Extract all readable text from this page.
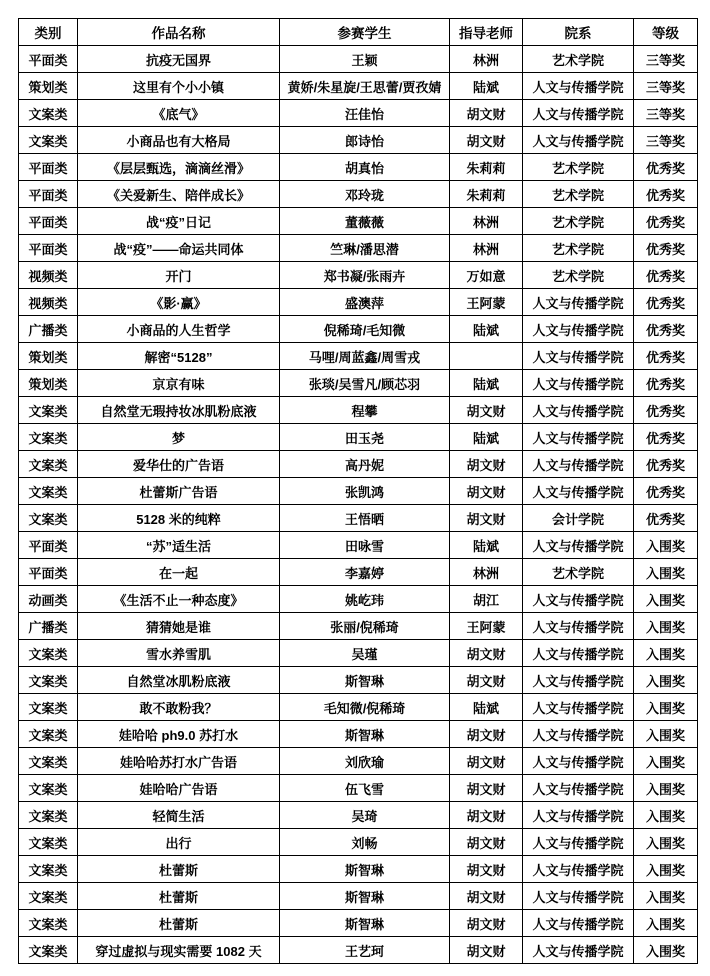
类别	作品名称	参赛学生	指导老师	院系	等级
平面类	抗疫无国界	王颖	林洲	艺术学院	三等奖
策划类	这里有个小小镇	黄娇/朱星旋/王思蕾/贾孜婧	陆斌	人文与传播学院	三等奖
文案类	《底气》	汪佳怡	胡文财	人文与传播学院	三等奖
文案类	小商品也有大格局	郎诗怡	胡文财	人文与传播学院	三等奖
平面类	《层层甄选，滴滴丝滑》	胡真怡	朱莉莉	艺术学院	优秀奖
平面类	《关爱新生、陪伴成长》	邓玲珑	朱莉莉	艺术学院	优秀奖
平面类	战“疫”日记	董薇薇	林洲	艺术学院	优秀奖
平面类	战“疫”——命运共同体	竺琳/潘思潜	林洲	艺术学院	优秀奖
视频类	开门	郑书凝/张雨卉	万如意	艺术学院	优秀奖
视频类	《影·赢》	盛澳萍	王阿蒙	人文与传播学院	优秀奖
广播类	小商品的人生哲学	倪稀琦/毛知微	陆斌	人文与传播学院	优秀奖
策划类	解密“5128”	马哩/周蓝鑫/周雪戎		人文与传播学院	优秀奖
策划类	京京有味	张琰/吴雪凡/顾芯羽	陆斌	人文与传播学院	优秀奖
文案类	自然堂无瑕持妆冰肌粉底液	程攀	胡文财	人文与传播学院	优秀奖
文案类	梦	田玉尧	陆斌	人文与传播学院	优秀奖
文案类	爱华仕的广告语	高丹妮	胡文财	人文与传播学院	优秀奖
文案类	杜蕾斯广告语	张凯鸿	胡文财	人文与传播学院	优秀奖
文案类	5128 米的纯粹	王悟晒	胡文财	会计学院	优秀奖
平面类	“苏”适生活	田咏雪	陆斌	人文与传播学院	入围奖
平面类	在一起	李嘉婷	林洲	艺术学院	入围奖
动画类	《生活不止一种态度》	姚屹玮	胡江	人文与传播学院	入围奖
广播类	猜猜她是谁	张丽/倪稀琦	王阿蒙	人文与传播学院	入围奖
文案类	雪水养雪肌	吴瑾	胡文财	人文与传播学院	入围奖
文案类	自然堂冰肌粉底液	斯智琳	胡文财	人文与传播学院	入围奖
文案类	敢不敢粉我？	毛知微/倪稀琦	陆斌	人文与传播学院	入围奖
文案类	娃哈哈 ph9.0 苏打水	斯智琳	胡文财	人文与传播学院	入围奖
文案类	娃哈哈苏打水广告语	刘欣瑜	胡文财	人文与传播学院	入围奖
文案类	娃哈哈广告语	伍飞雪	胡文财	人文与传播学院	入围奖
文案类	轻简生活	吴琦	胡文财	人文与传播学院	入围奖
文案类	出行	刘畅	胡文财	人文与传播学院	入围奖
文案类	杜蕾斯	斯智琳	胡文财	人文与传播学院	入围奖
文案类	杜蕾斯	斯智琳	胡文财	人文与传播学院	入围奖
文案类	杜蕾斯	斯智琳	胡文财	人文与传播学院	入围奖
文案类	穿过虚拟与现实需要 1082 天	王艺珂	胡文财	人文与传播学院	入围奖
